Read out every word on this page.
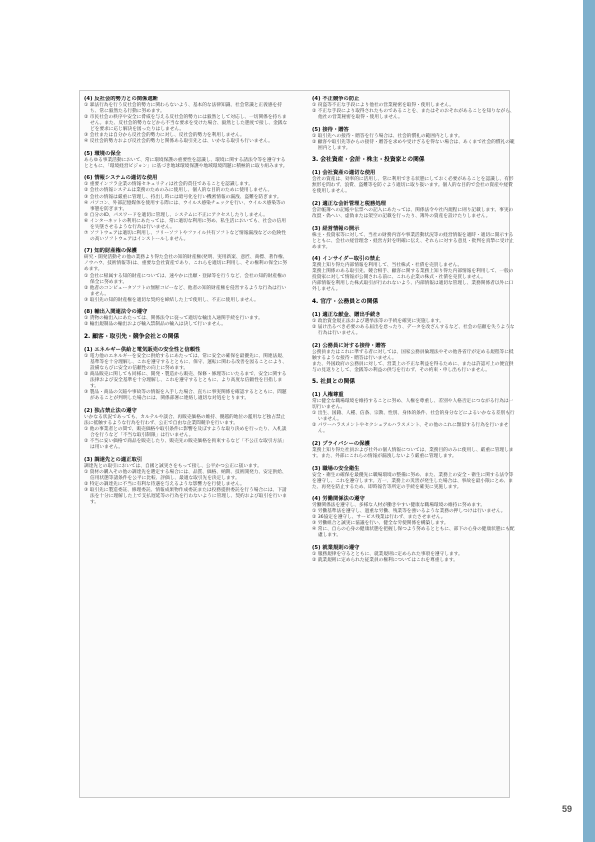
(4) 反社会的勢力との関係遮断
① 暴法行為を行う反社会的勢力に関わらないよう、基本的な法律知識、社会常識と正義感を持ち、常に毅然たる行動に努めます。
② 市民社会の秩序や安全に脅威を与える反社会的勢力には毅然として対応し、一切関係を持ちません。また、反社会的勢力などから不当な要求を受けた場合、毅然とした態度で接し、金銭などを要求に応じ解決を図ったりはしません。
③ 会社または自分から反社会的勢力に対し、反社会的勢力を利用しません。
④ 反社会的勢力および反社会的勢力と関係ある取引先とは、いかなる取引も行いません。
(5) 環境の保全
あらゆる事業活動において、常に環境保護の重要性を認識し、環境に関する諸法令等を遵守するとともに、「環境経営ビジョン」に基づき地球環境保護や地域環境問題に積極的に取り組みます。
(6) 情報システムの適切な使用
① 重要インフラ企業の情報セキュリティは社会的責任であることを認識します。
② 会社の情報システムは業務のためのみに使用し、個人的な目的のために使用しません。
③ 会社の情報は厳重に管理し、持出し時には暗号化を行い機密情報の漏洩、盗難を防ぎます。
④ パソコン、外部記憶媒体を使用する際には、ウイルス感染チェックを行い、ウイルス感染等の事態を防ぎます。
⑤ 自分のID、パスワードを適切に管理し、システムに不正にアクセスしたりしません。
⑥ インターネットの利用にあたっては、常に適切な利用に努め、私生活においても、社会の信用を失墜させるような行為は行いません。
⑦ ソフトウェアは適切に利用し、フリーソフトやファイル共有ソフトなど情報漏洩などの危険性の高いソフトウェアはインストールしません。
(7) 知的財産権の保護
研究・開発活動その他の業務より得た会社の知的財産権(発明、実用新案、意匠、商標、著作権、ノウハウ、技術情報等)は、重要な会社資産であり、これらを適切に利用し、その権利の保全に努めます。
① 会社に帰属する知的財産については、速やかに出願・登録等を行うなど、会社の知的財産権の保全に努めます。
② 他者のコンピュータソフトの無断コピーなど、他者の知的財産権を侵害するような行為は行いません。
③ 取引先の知的財産権を適切な契約を締結した上で使用し、不正に使用しません。
(8) 輸出入関連法令の遵守
① 貨物の輸出入にあたっては、関係法令に従って適切な輸出入通関手続を行います。
② 輸出規制品の輸出および輸入禁制品の輸入は決して行いません。
2. 顧客・取引先・競争会社との関係
(1) エネルギー供給と電気販売の安全性と信頼性
① 電力他のエネルギーを安全に供給するにあたっては、常に安全の確保を最優先に、関連法規、基準等を十分理解し、これを遵守するとともに、保守、運転に関わる改善を図ることにより、設備ならびに安全の信頼性の向上に努めます。
② 商品販売に関しても同様に、開発・製造から販売、保修・修理等にいたるまで、安全に関する法律および安全基準を十分理解し、これを遵守するとともに、より高度な信頼性を目指します。
③ 製品・商品の欠陥や事故等の情報を入手した場合、直ちに事実関係を確認するとともに、問題があることが判明した場合には、関係部署に連絡し適切な対処をとります。
(2) 独占禁止法の遵守
いかなる状況であっても、カルテルや談合、再販売価格の維持、優越的地位の濫用など独占禁止法に抵触するような行為を行わず、公正で自由な企業間競争を行います。
① 他の事業者との間で、販売価格や取引条件に影響を及ぼすような取り決めを行ったり、入札談合を行うなど「不当な取引制限」は行いません。
② 不当に安い価格で商品を販売したり、販売先の販売価格を拘束するなど「不公正な取引方法」は用いません。
(3) 調達先との適正取引
調達先との取引においては、自國と誠実さをもって接し、公平かつ公正に扱います。
① 資材の購入その他の調達先を選定する場合には、品質、価格、納期、技術開発力、安定供給、信用状態等諸条件を公平に比較、評価し、最適な取引先を決定します。
② 特定の調達先に不当に有利な待遇を与えるような影響力を行使しません。
③ 取引先に製造委託、修理委託、情報成果物作成委託または役務提供委託を行う場合には、下請法を十分に理解した上で支払遅延等の行為を行わないように管理し、契約および取引を行います。
(4) 不正競争の防止
① 窃盗等不正な手段により他社の営業秘密を取得・使用しません。
② 不正な手段により取得されたものであることを、またはそのおそれがあることを知りながら、他社の営業秘密を取得・使用しません。
(5) 接待・贈答
① 取引先への接待・贈答を行う場合は、社会的慣礼の範囲内とします。
② 顧客や取引先等からの接待・贈答を求めや受けざるを得ない場合は、あくまで社会的慣礼の範囲内とします。
3. 会社資産・会計・株主・投資家との関係
(1) 会社資産の適切な使用
会社の資産は、効率的に活用し、常に利用できる状態にしておく必要があることを認識し、有形無形を問わず、浪費、盗難等を防ぐよう適切に取り扱います。個人的な目的で会社の資産や経費を使用しません。
(2) 適正な会計管理と税務処理
会計帳簿への記帳や伝票への記入にあたっては、関係法令や社内規程に則り記載します。事実の改竄・偽へい、虚偽または架空の記載を行ったり、簿外の資産を設けたりしません。
(3) 経営情報の開示
株主・投資家等に対して、当社の財務内容や事業活動状況等の経営情報を適時・適切に開示するとともに、会社の経営理念・経営方針を明確に伝え、それらに対する意見・批判を真摯に受け止めます。
(4) インサイダー取引の禁止
業務上知り得た内部情報を利用して、当社株式・社債を売買しません。
業務上関係のある取引先、競合相手、顧客に関する業務上知り得た内部情報を利用して、一般の投資家に対して情報が公開される前に、これら企業の株式・社債を売買しません。
内部情報を利用した株式取引が行われないよう、内部情報は適切な管理し、業務関係者以外に口外しません。
4. 官庁・公務員との関係
(1) 適正な献金、贈出手続き
① 政治資金規正法および選挙法等の手続を確実に実施します。
② 届け出るべき必要のある届出を怠ったり、データを改ざんするなど、社会の信頼を失うような行為は行いません。
(2) 公務員に対する接待・贈答
公務員またはこれに準ずる者に対しては、国家公務員倫理法やその他各省庁が定める規程等に抵触するような接待・贈答は行いません。
また、外国政府の公務員に対して、営業上の不正な利益を得るために、または許認可上の便宜供与の見返りとして、金銭等の利益の供与を行わず、その約束・申し出も行いません。
5. 社員との関係
(1) 人権尊重
常に健全な職場環境を維持することに努め、人権を尊重し、差別や人格否定につながる行為は一切行いません。
① 出生、国籍、人種、信条、宗教、性別、身体的条件、社会的身分などによるいかなる差別も行いません。
② パワーハラスメントやセクシュアルハラスメント、その他のこれに類似する行為を行いません。
(2) プライバシーの保護
業務上知り得た社員および社外の個人情報については、業務目的のみに使用し、厳重に管理します。また、外部にこれらの情報が漏洩しないよう厳重に管理します。
(3) 職場の安全衛生
安全・衛生の確保を最優先に職場環境の整備に努め、また、業務上の安全・衛生に関する法令等を遵守し、これを遵守します。万一、業務上の災害が発生した場合は、事故を最小限にとめ、また、再発を防止するため、即時報告等所定の手続を確実に実施します。
(4) 労働関係法の遵守
労働関係法を遵守し、多様な人材が働きやすい健康な職場環境の維持に努めます。
① 労働基準法を遵守し、過重な労働、残業等を強いるような業務の押しつけは行いません。
② 36協定を遵守し、サービス残業は行わず、またさせません。
③ 労働組合と誠実に協議を行い、健全な労使関係を構築します。
④ 常に、自らの心身の健康状態を把握し保つよう努めるとともに、部下の心身の健康状態にも配慮します。
(5) 就業規則の遵守
① 服務規律を守るとともに、就業規則に定められた事項を遵守します。
② 就業規則に定められた従業員の権利についてはこれを尊重します。
59
